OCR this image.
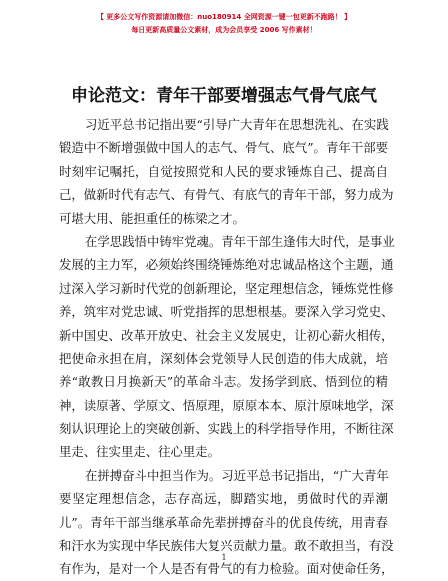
【 更多公文写作资源请加微信：nuo180914 全网资源一键一包更新不跑路！ 】
每日更新高质量公文素材，成为会员享受 2006 写作素材！
申论范文：青年干部要增强志气骨气底气
习近平总书记指出要“引导广大青年在思想洗礼、在实践
锻造中不断增强做中国人的志气、骨气、底气”。青年干部要
时刻牢记嘱托，自觉按照党和人民的要求锤炼自己、提高自
己，做新时代有志气、有骨气、有底气的青年干部，努力成为
可堪大用、能担重任的栋梁之才。
在学思践悟中铸牢党魂。青年干部生逢伟大时代，是事业
发展的主力军，必须始终围绕锤炼绝对忠诚品格这个主题，通
过深入学习新时代党的创新理论，坚定理想信念，锤炼党性修
养，筑牢对党忠诚、听党指挥的思想根基。要深入学习党史、
新中国史、改革开放史、社会主义发展史，让初心薪火相传，
把使命永担在肩，深刻体会党领导人民创造的伟大成就，培
养“敢教日月换新天”的革命斗志。发扬学到底、悟到位的精
神，读原著、学原文、悟原理，原原本本、原汁原味地学，深
刻认识理论上的突破创新、实践上的科学指导作用，不断往深
里走、往实里走、往心里走。
在拼搏奋斗中担当作为。习近平总书记指出，“广大青年
要坚定理想信念，志存高远，脚踏实地，勇做时代的弄潮
儿”。青年干部当继承革命先辈拼搏奋斗的优良传统，用青春
和汗水为实现中华民族伟大复兴贡献力量。敢不敢担当，有没
有作为，是对一个人是否有骨气的有力检验。面对使命任务，
1
